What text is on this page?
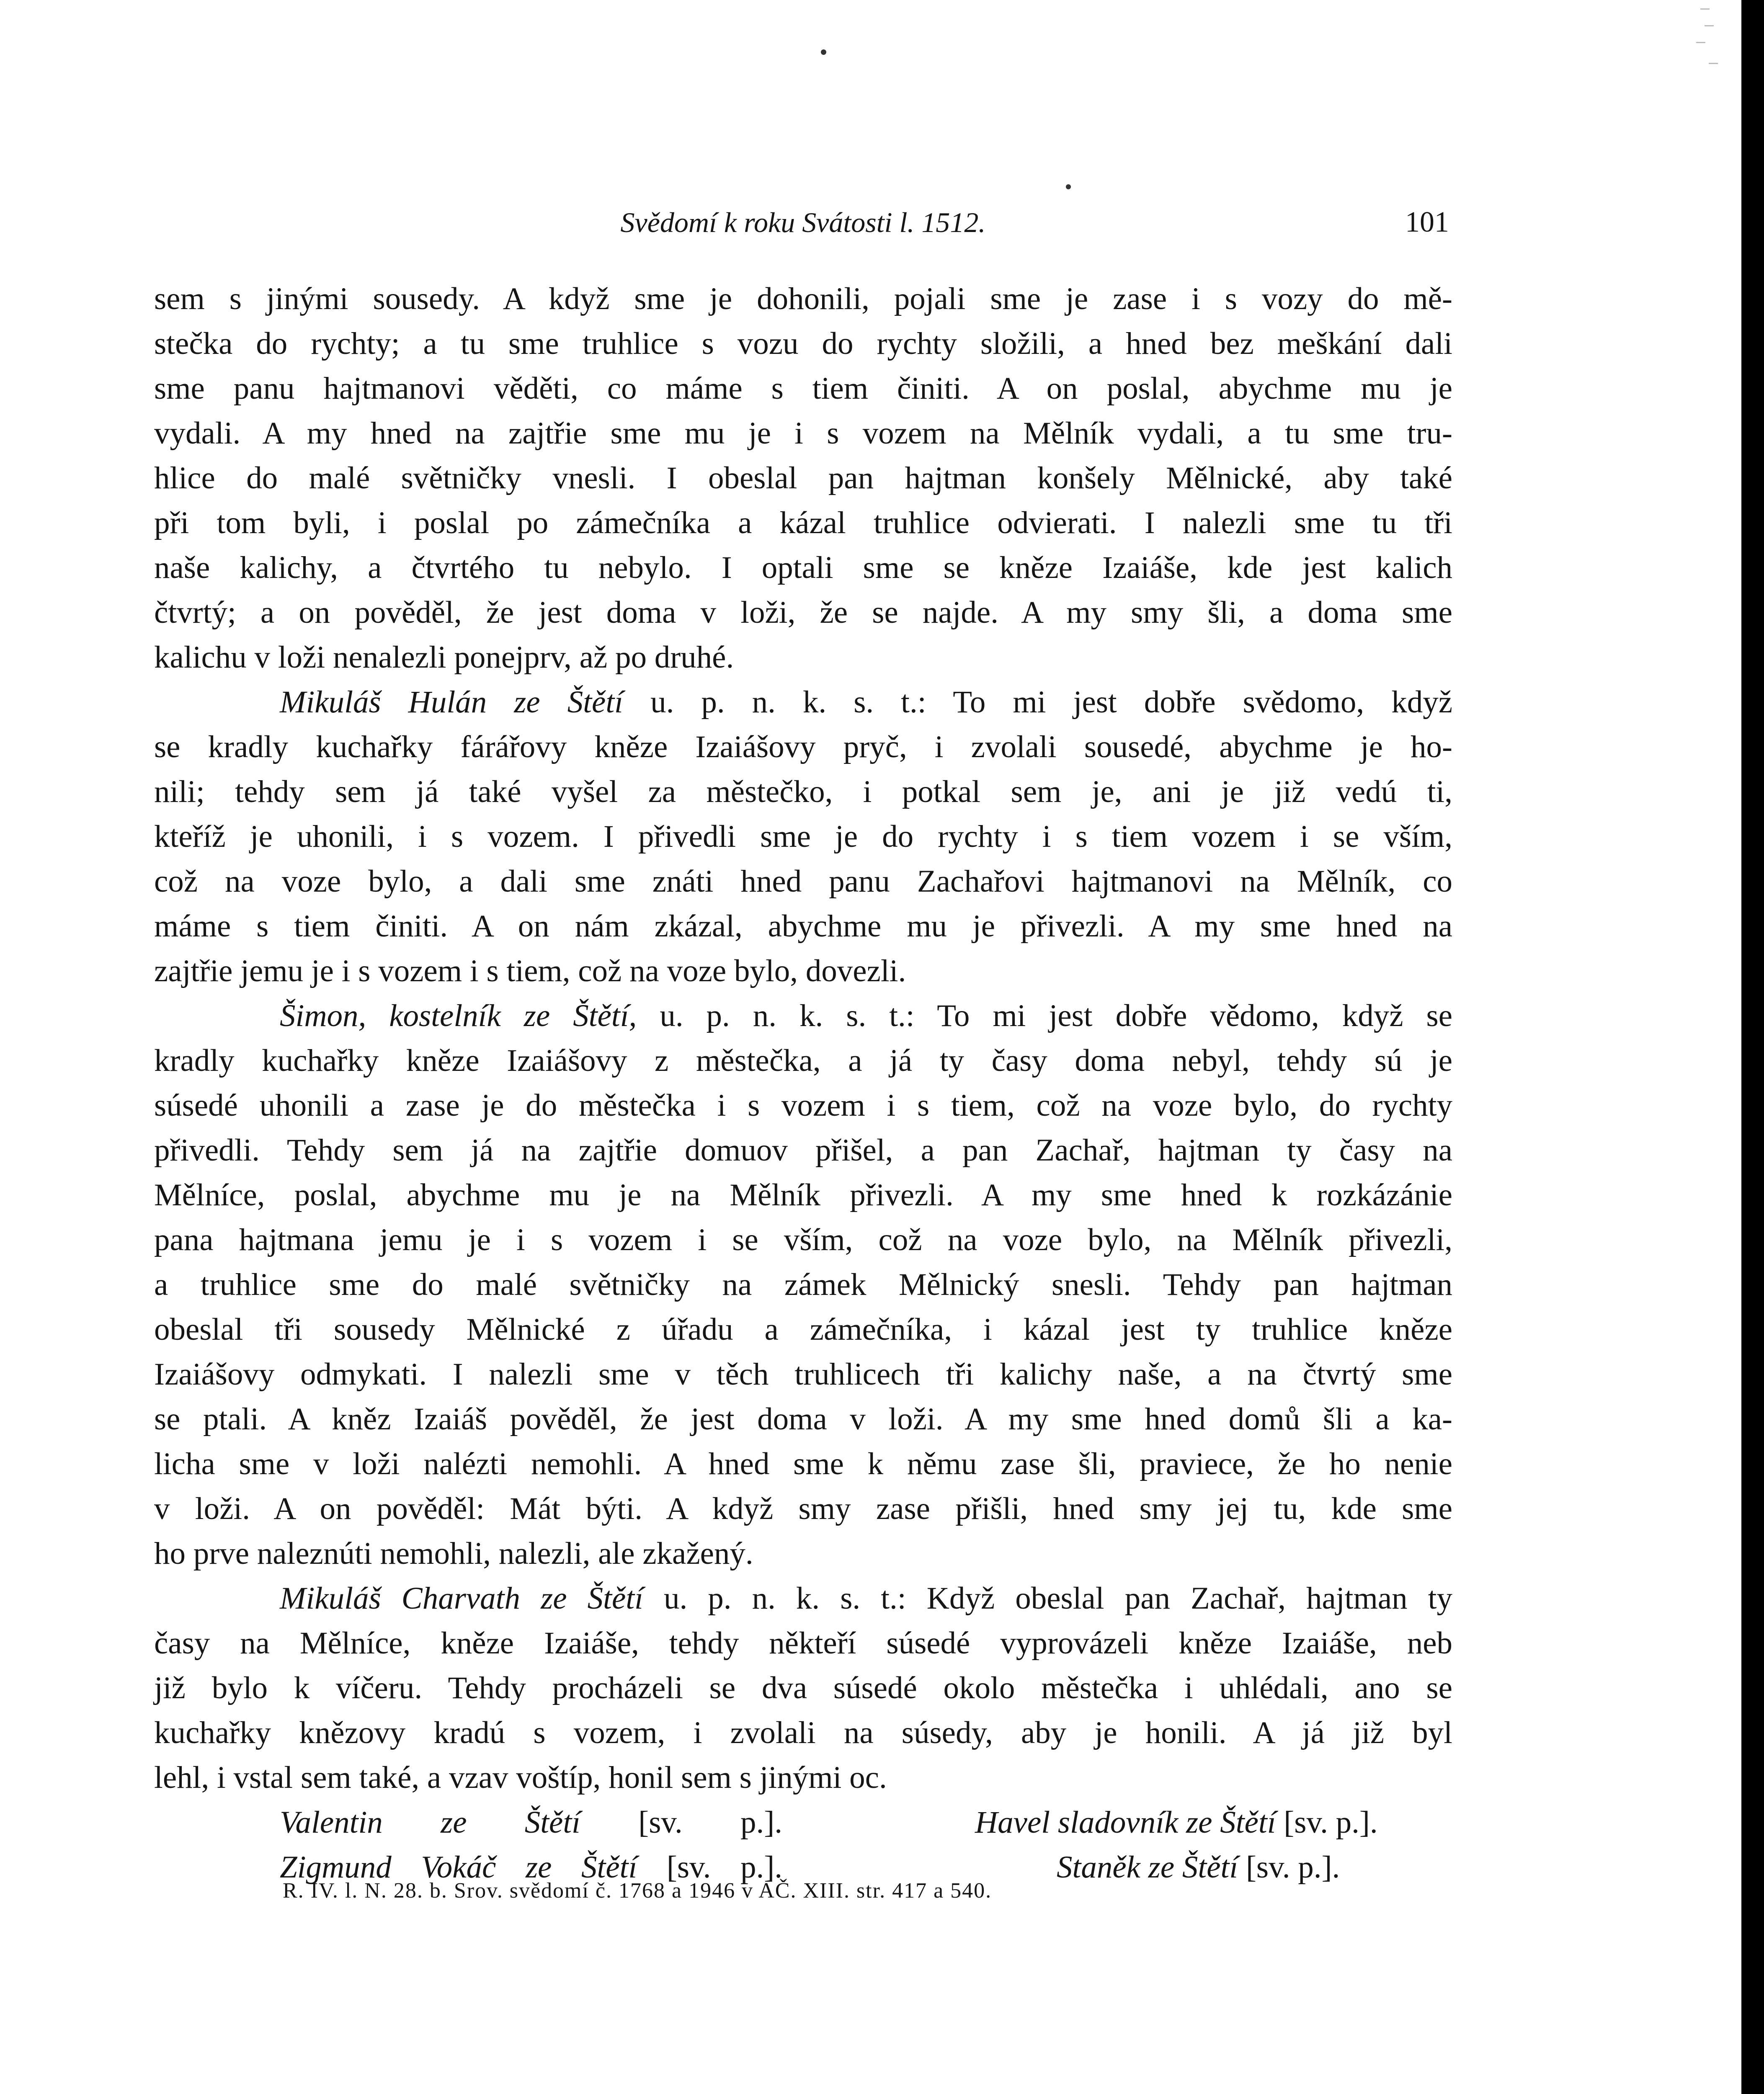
Svědomí k roku Svátosti l. 1512.	101

sem s jinými sousedy. A když sme je dohonili, pojali sme je zase i s vozy do mě-
stečka do rychty; a tu sme truhlice s vozu do rychty složili, a hned bez meškání dali
sme panu hajtmanovi věděti, co máme s tiem činiti. A on poslal, abychme mu je
vydali. A my hned na zajtřie sme mu je i s vozem na Mělník vydali, a tu sme tru-
hlice do malé světničky vnesli. I obeslal pan hajtman konšely Mělnické, aby také
při tom byli, i poslal po zámečníka a kázal truhlice odvierati. I nalezli sme tu tři
naše kalichy, a čtvrtého tu nebylo. I optali sme se kněze Izaiáše, kde jest kalich
čtvrtý; a on pověděl, že jest doma v loži, že se najde. A my smy šli, a doma sme
kalichu v loži nenalezli ponejprv, až po druhé.

Mikuláš Hulán ze Štětí u. p. n. k. s. t.: To mi jest dobře svědomo, když
se kradly kuchařky fárářovy kněze Izaiášovy pryč, i zvolali sousedé, abychme je ho-
nili; tehdy sem já také vyšel za městečko, i potkal sem je, ani je již vedú ti,
kteříž je uhonili, i s vozem. I přivedli sme je do rychty i s tiem vozem i se vším,
což na voze bylo, a dali sme znáti hned panu Zachařovi hajtmanovi na Mělník, co
máme s tiem činiti. A on nám zkázal, abychme mu je přivezli. A my sme hned na
zajtřie jemu je i s vozem i s tiem, což na voze bylo, dovezli.

Šimon, kostelník ze Štětí, u. p. n. k. s. t.: To mi jest dobře vědomo, když se
kradly kuchařky kněze Izaiášovy z městečka, a já ty časy doma nebyl, tehdy sú je
súsedé uhonili a zase je do městečka i s vozem i s tiem, což na voze bylo, do rychty
přivedli. Tehdy sem já na zajtřie domuov přišel, a pan Zachař, hajtman ty časy na
Mělníce, poslal, abychme mu je na Mělník přivezli. A my sme hned k rozkázánie
pana hajtmana jemu je i s vozem i se vším, což na voze bylo, na Mělník přivezli,
a truhlice sme do malé světničky na zámek Mělnický snesli. Tehdy pan hajtman
obeslal tři sousedy Mělnické z úřadu a zámečníka, i kázal jest ty truhlice kněze
Izaiášovy odmykati. I nalezli sme v těch truhlicech tři kalichy naše, a na čtvrtý sme
se ptali. A kněz Izaiáš pověděl, že jest doma v loži. A my sme hned domů šli a ka-
licha sme v loži nalézti nemohli. A hned sme k němu zase šli, praviece, že ho nenie
v loži. A on pověděl: Mát býti. A když smy zase přišli, hned smy jej tu, kde sme
ho prve naleznúti nemohli, nalezli, ale zkažený.

Mikuláš Charvath ze Štětí u. p. n. k. s. t.: Když obeslal pan Zachař, hajtman ty
časy na Mělníce, kněze Izaiáše, tehdy někteří súsedé vyprovázeli kněze Izaiáše, neb
již bylo k víčeru. Tehdy procházeli se dva súsedé okolo městečka i uhlédali, ano se
kuchařky knězovy kradú s vozem, i zvolali na súsedy, aby je honili. A já již byl
lehl, i vstal sem také, a vzav voštíp, honil sem s jinými oc.

Valentin ze Štětí [sv. p.].	Havel sladovník ze Štětí [sv. p.].
Zigmund Vokáč ze Štětí [sv. p.].	Staněk ze Štětí [sv. p.].
R. IV. l. N. 28. b. Srov. svědomí č. 1768 a 1946 v AČ. XIII. str. 417 a 540.
